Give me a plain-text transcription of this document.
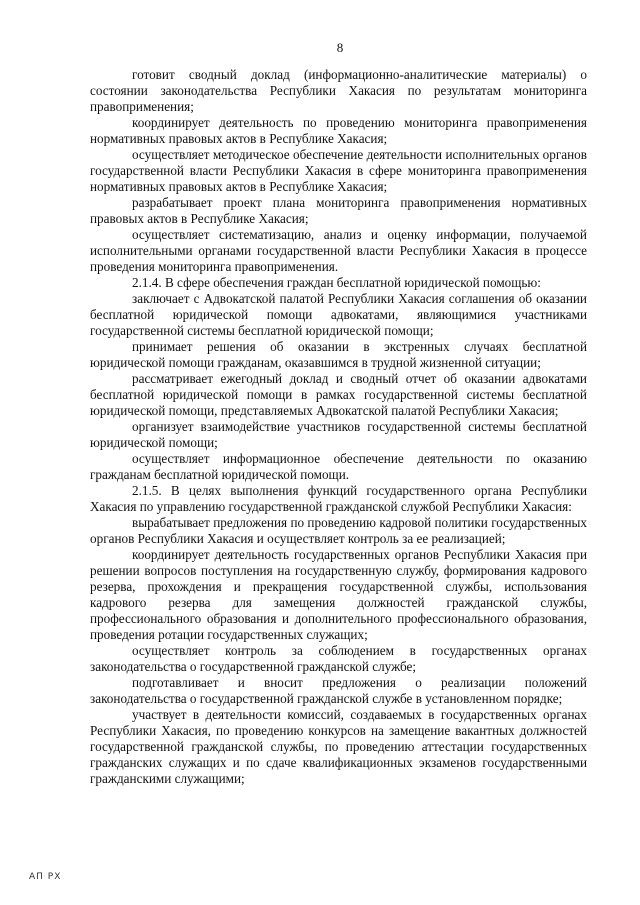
8

готовит сводный доклад (информационно-аналитические материалы) о состоянии законодательства Республики Хакасия по результатам мониторинга правоприменения;

координирует деятельность по проведению мониторинга правоприменения нормативных правовых актов в Республике Хакасия;

осуществляет методическое обеспечение деятельности исполнительных органов государственной власти Республики Хакасия в сфере мониторинга правоприменения нормативных правовых актов в Республике Хакасия;

разрабатывает проект плана мониторинга правоприменения нормативных правовых актов в Республике Хакасия;

осуществляет систематизацию, анализ и оценку информации, получаемой исполнительными органами государственной власти Республики Хакасия в процессе проведения мониторинга правоприменения.

2.1.4. В сфере обеспечения граждан бесплатной юридической помощью:

заключает с Адвокатской палатой Республики Хакасия соглашения об оказании бесплатной юридической помощи адвокатами, являющимися участниками государственной системы бесплатной юридической помощи;

принимает решения об оказании в экстренных случаях бесплатной юридической помощи гражданам, оказавшимся в трудной жизненной ситуации;

рассматривает ежегодный доклад и сводный отчет об оказании адвокатами бесплатной юридической помощи в рамках государственной системы бесплатной юридической помощи, представляемых Адвокатской палатой Республики Хакасия;

организует взаимодействие участников государственной системы бесплатной юридической помощи;

осуществляет информационное обеспечение деятельности по оказанию гражданам бесплатной юридической помощи.

2.1.5. В целях выполнения функций государственного органа Республики Хакасия по управлению государственной гражданской службой Республики Хакасия:

вырабатывает предложения по проведению кадровой политики государственных органов Республики Хакасия и осуществляет контроль за ее реализацией;

координирует деятельность государственных органов Республики Хакасия при решении вопросов поступления на государственную службу, формирования кадрового резерва, прохождения и прекращения государственной службы, использования кадрового резерва для замещения должностей гражданской службы, профессионального образования и дополнительного профессионального образования, проведения ротации государственных служащих;

осуществляет контроль за соблюдением в государственных органах законодательства о государственной гражданской службе;

подготавливает и вносит предложения о реализации положений законодательства о государственной гражданской службе в установленном порядке;

участвует в деятельности комиссий, создаваемых в государственных органах Республики Хакасия, по проведению конкурсов на замещение вакантных должностей государственной гражданской службы, по проведению аттестации государственных гражданских служащих и по сдаче квалификационных экзаменов государственными гражданскими служащими;

АП РХ
